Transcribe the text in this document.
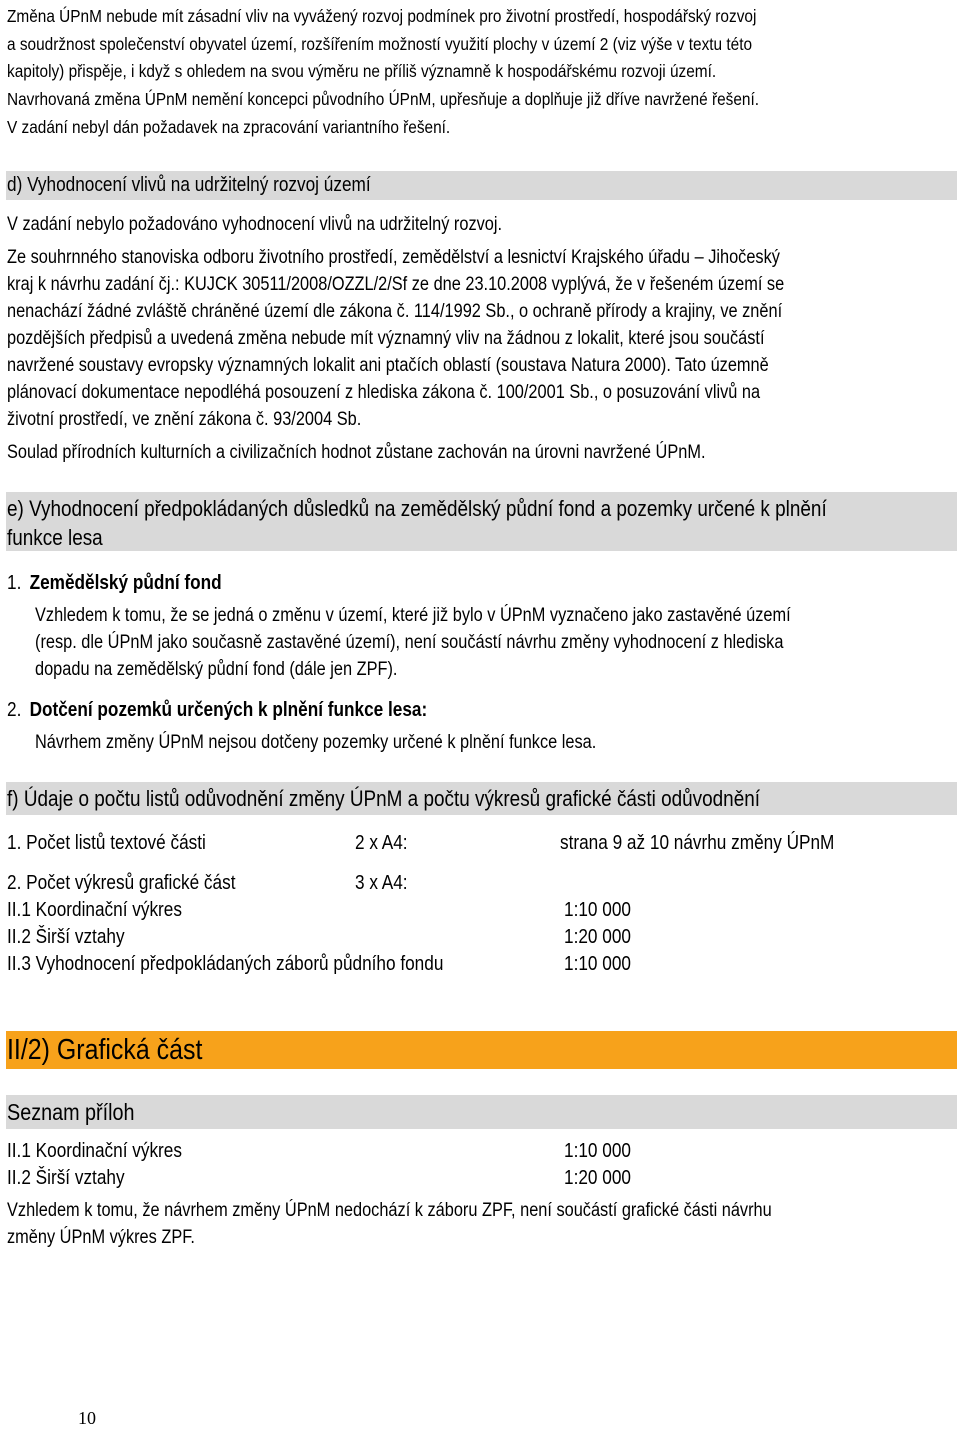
Změna ÚPnM nebude mít zásadní vliv na vyvážený rozvoj podmínek pro životní prostředí, hospodářský rozvoj
a soudržnost společenství obyvatel území, rozšířením možností využití plochy v území 2 (viz výše v textu této
kapitoly) přispěje, i když s ohledem na svou výměru ne příliš významně k hospodářskému rozvoji území.
Navrhovaná změna ÚPnM nemění koncepci původního ÚPnM, upřesňuje a doplňuje již dříve navržené řešení.
V zadání nebyl dán požadavek na zpracování variantního řešení.
d) Vyhodnocení vlivů na udržitelný rozvoj území
V zadání nebylo požadováno vyhodnocení vlivů na udržitelný rozvoj.
Ze souhrnného stanoviska odboru životního prostředí, zemědělství a lesnictví Krajského úřadu – Jihočeský
kraj k návrhu zadání čj.: KUJCK 30511/2008/OZZL/2/Sf ze dne 23.10.2008 vyplývá, že v řešeném území se
nenachází žádné zvláště chráněné území dle zákona č. 114/1992 Sb., o ochraně přírody a krajiny, ve znění
pozdějších předpisů a uvedená změna nebude mít významný vliv na žádnou z lokalit, které jsou součástí
navržené soustavy evropsky významných lokalit ani ptačích oblastí (soustava Natura 2000). Tato územně
plánovací dokumentace nepodléhá posouzení z hlediska zákona č. 100/2001 Sb., o posuzování vlivů na
životní prostředí, ve znění zákona č. 93/2004 Sb.
Soulad přírodních kulturních a civilizačních hodnot zůstane zachován na úrovni navržené ÚPnM.
e) Vyhodnocení předpokládaných důsledků na zemědělský půdní fond a pozemky určené k plnění
funkce lesa
1. Zemědělský půdní fond
Vzhledem k tomu, že se jedná o změnu v území, které již bylo v ÚPnM vyznačeno jako zastavěné území
(resp. dle ÚPnM jako současně zastavěné území), není součástí návrhu změny vyhodnocení z hlediska
dopadu na zemědělský půdní fond (dále jen ZPF).
2. Dotčení pozemků určených k plnění funkce lesa:
Návrhem změny ÚPnM nejsou dotčeny pozemky určené k plnění funkce lesa.
f) Údaje o počtu listů odůvodnění změny ÚPnM a počtu výkresů grafické části odůvodnění
1. Počet listů textové části	2 x A4:	strana 9 až 10 návrhu změny ÚPnM
2. Počet výkresů grafické část	3 x A4:
II.1 Koordinační výkres	1:10 000
II.2 Širší vztahy	1:20 000
II.3 Vyhodnocení předpokládaných záborů půdního fondu	1:10 000
II/2) Grafická část
Seznam příloh
II.1 Koordinační výkres	1:10 000
II.2 Širší vztahy	1:20 000
Vzhledem k tomu, že návrhem změny ÚPnM nedochází k záboru ZPF, není součástí grafické části návrhu
změny ÚPnM výkres ZPF.
10
